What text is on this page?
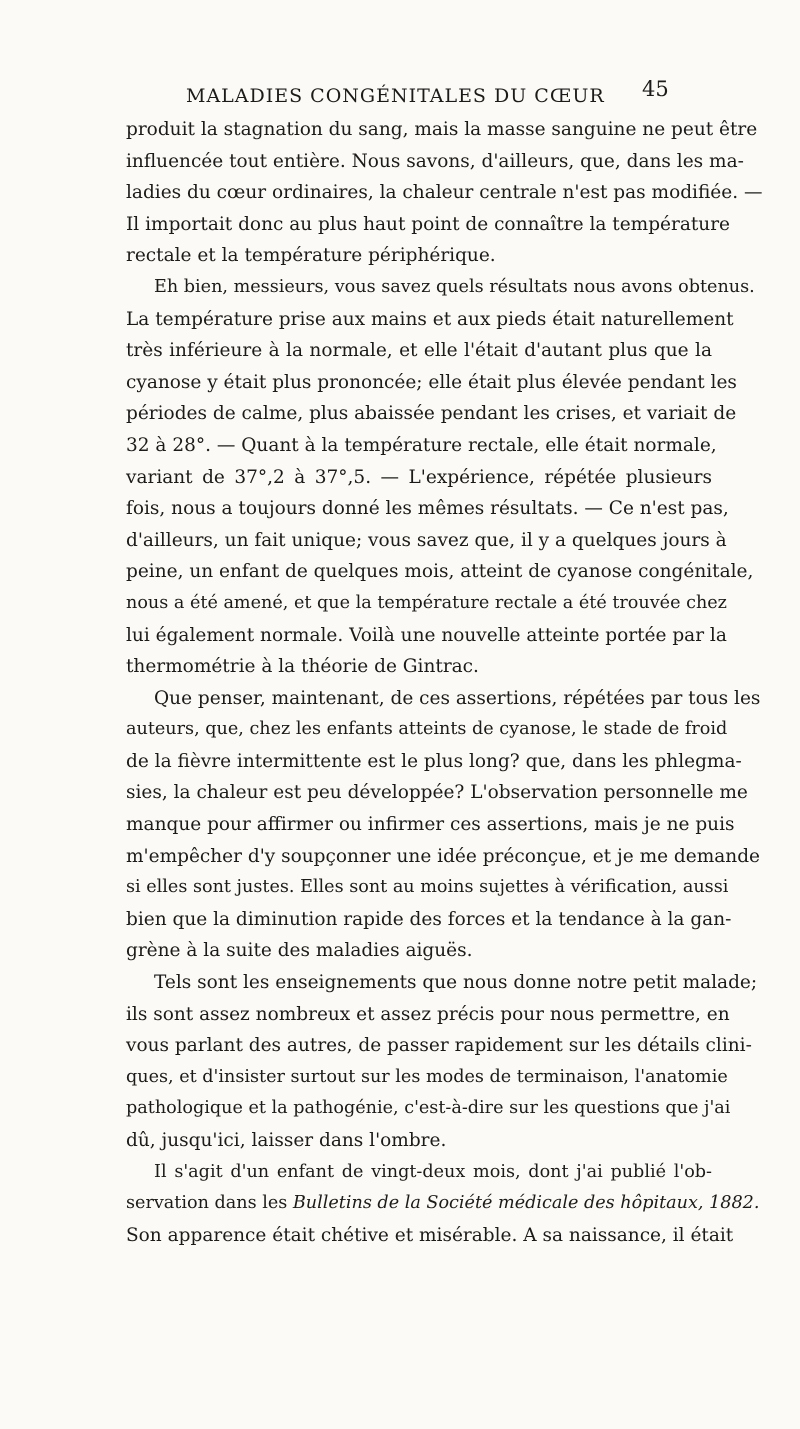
MALADIES CONGÉNITALES DU CŒUR 45
produit la stagnation du sang, mais la masse sanguine ne peut être
influencée tout entière. Nous savons, d'ailleurs, que, dans les ma-
ladies du cœur ordinaires, la chaleur centrale n'est pas modifiée. —
Il importait donc au plus haut point de connaître la température
rectale et la température périphérique.
Eh bien, messieurs, vous savez quels résultats nous avons obtenus.
La température prise aux mains et aux pieds était naturellement
très inférieure à la normale, et elle l'était d'autant plus que la
cyanose y était plus prononcée; elle était plus élevée pendant les
périodes de calme, plus abaissée pendant les crises, et variait de
32 à 28°. — Quant à la température rectale, elle était normale,
variant de 37°,2 à 37°,5. — L'expérience, répétée plusieurs
fois, nous a toujours donné les mêmes résultats. — Ce n'est pas,
d'ailleurs, un fait unique; vous savez que, il y a quelques jours à
peine, un enfant de quelques mois, atteint de cyanose congénitale,
nous a été amené, et que la température rectale a été trouvée chez
lui également normale. Voilà une nouvelle atteinte portée par la
thermométrie à la théorie de Gintrac.
Que penser, maintenant, de ces assertions, répétées par tous les
auteurs, que, chez les enfants atteints de cyanose, le stade de froid
de la fièvre intermittente est le plus long? que, dans les phlegma-
sies, la chaleur est peu développée? L'observation personnelle me
manque pour affirmer ou infirmer ces assertions, mais je ne puis
m'empêcher d'y soupçonner une idée préconçue, et je me demande
si elles sont justes. Elles sont au moins sujettes à vérification, aussi
bien que la diminution rapide des forces et la tendance à la gan-
grène à la suite des maladies aiguës.
Tels sont les enseignements que nous donne notre petit malade;
ils sont assez nombreux et assez précis pour nous permettre, en
vous parlant des autres, de passer rapidement sur les détails clini-
ques, et d'insister surtout sur les modes de terminaison, l'anatomie
pathologique et la pathogénie, c'est-à-dire sur les questions que j'ai
dû, jusqu'ici, laisser dans l'ombre.
Il s'agit d'un enfant de vingt-deux mois, dont j'ai publié l'ob-
servation dans les Bulletins de la Société médicale des hôpitaux, 1882.
Son apparence était chétive et misérable. A sa naissance, il était
